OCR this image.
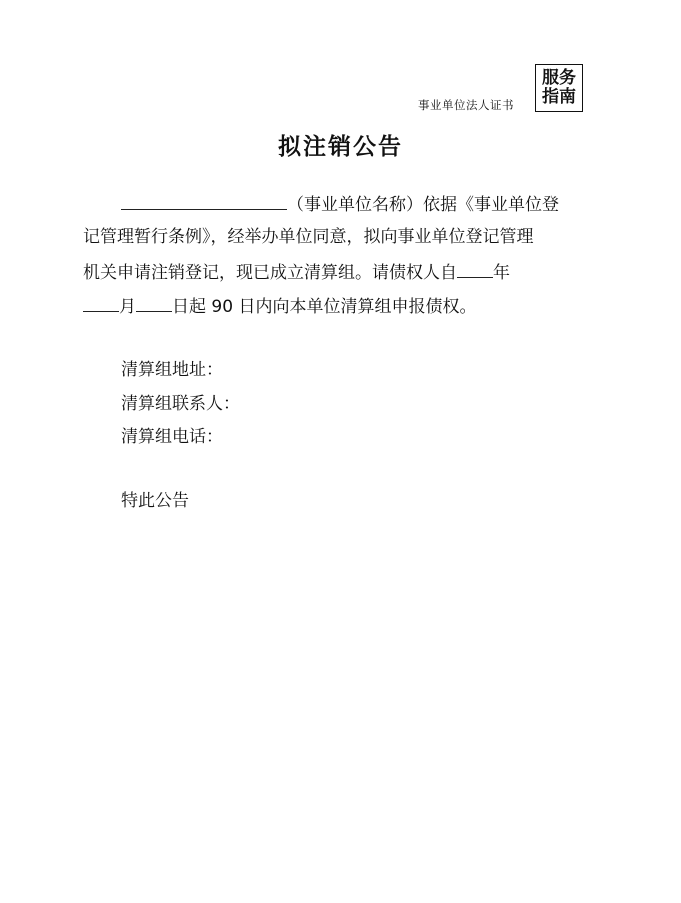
事业单位法人证书
服务
指南
拟注销公告
（事业单位名称）依据《事业单位登
记管理暂行条例》，经举办单位同意，拟向事业单位登记管理
机关申请注销登记，现已成立清算组。请债权人自 年
月 日起 90 日内向本单位清算组申报债权。
清算组地址：
清算组联系人：
清算组电话：
特此公告
